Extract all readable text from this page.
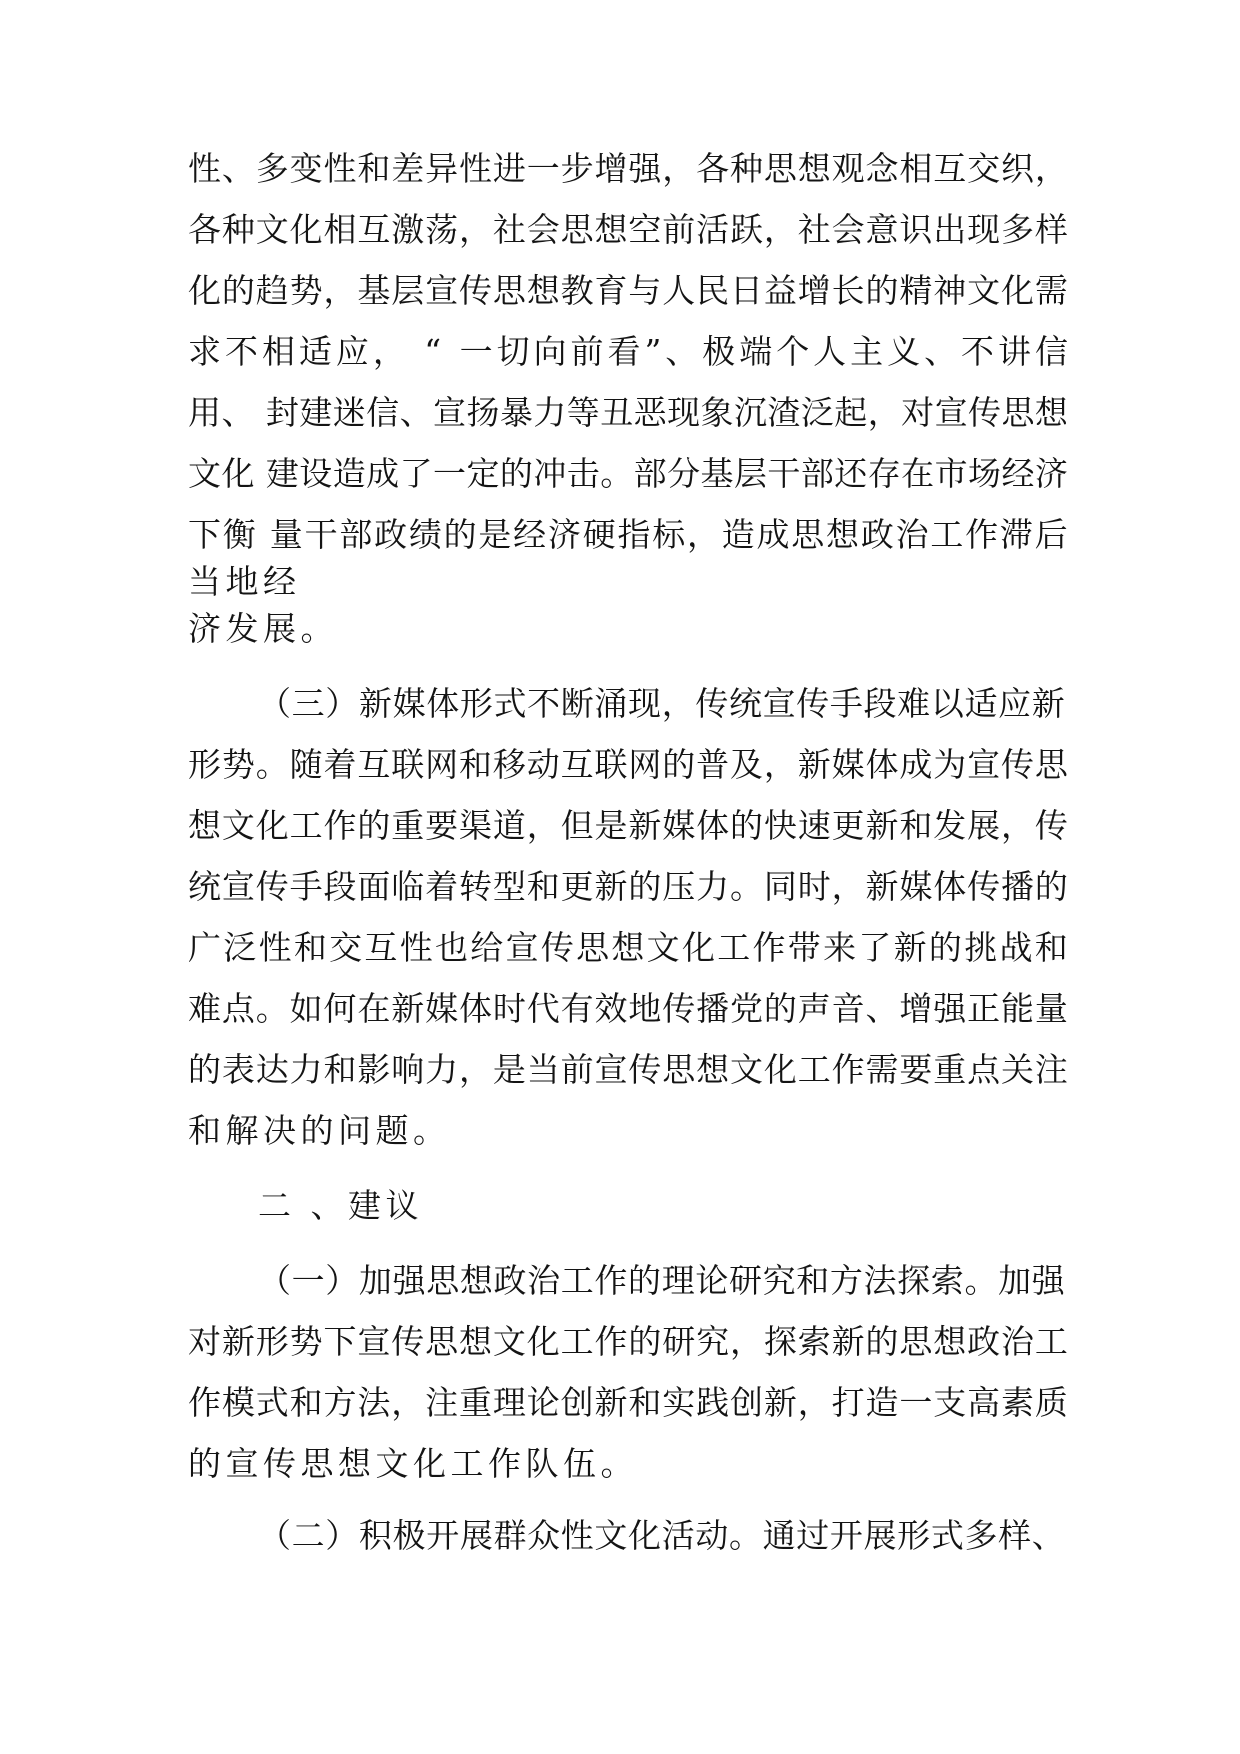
性 、 多 变 性 和 差 异 性 进 一 步 增 强 ， 各 种 思 想 观 念 相 互 交 织 ，
各 种 文 化 相 互 激 荡 ， 社 会 思 想 空 前 活 跃 ， 社 会 意 识 出 现 多 样
化 的 趋 势 ， 基 层 宣 传 思 想 教 育 与 人 民 日 益 增 长 的 精 神 文 化 需
求 不 相 适 应 ，
“
一 切 向 前 看 ” 、 极 端 个 人 主 义 、 不 讲 信
用 、
封 建 迷 信 、 宣 扬 暴 力 等 丑 恶 现 象 沉 渣 泛 起 ， 对 宣 传 思 想
文 化
建 设 造 成 了 一 定 的 冲 击 。 部 分 基 层 干 部 还 存 在 市 场 经 济
下 衡
量 干 部 政 绩 的 是 经 济 硬 指 标 ， 造 成 思 想 政 治 工 作 滞 后
当地经
济发展。
（ 三 ） 新 媒 体 形 式 不 断 涌 现 ， 传 统 宣 传 手 段 难 以 适 应 新
形 势 。 随 着 互 联 网 和 移 动 互 联 网 的 普 及 ， 新 媒 体 成 为 宣 传 思
想 文 化 工 作 的 重 要 渠 道 ， 但 是 新 媒 体 的 快 速 更 新 和 发 展 ， 传
统 宣 传 手 段 面 临 着 转 型 和 更 新 的 压 力 。 同 时 ， 新 媒 体 传 播 的
广 泛 性 和 交 互 性 也 给 宣 传 思 想 文 化 工 作 带 来 了 新 的 挑 战 和
难 点 。 如 何 在 新 媒 体 时 代 有 效 地 传 播 党 的 声 音 、 增 强 正 能 量
的 表 达 力 和 影 响 力 ， 是 当 前 宣 传 思 想 文 化 工 作 需 要 重 点 关 注
和解决的问题。
二 、建议
（ 一 ） 加 强 思 想 政 治 工 作 的 理 论 研 究 和 方 法 探 索 。 加 强
对 新 形 势 下 宣 传 思 想 文 化 工 作 的 研 究 ， 探 索 新 的 思 想 政 治 工
作 模 式 和 方 法 ， 注 重 理 论 创 新 和 实 践 创 新 ， 打 造 一 支 高 素 质
的宣传思想文化工作队伍。
（ 二 ） 积 极 开 展 群 众 性 文 化 活 动 。 通 过 开 展 形 式 多 样 、
